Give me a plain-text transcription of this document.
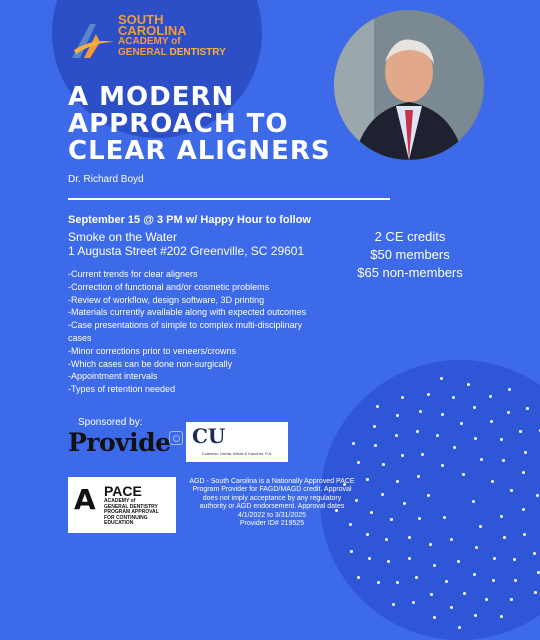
SOUTH
CAROLINA
ACADEMY of
GENERAL DENTISTRY
A MODERN
APPROACH TO
CLEAR ALIGNERS
Dr. Richard Boyd
September 15 @ 3 PM w/ Happy Hour to follow
Smoke on the Water
1 Augusta Street #202 Greenville, SC 29601
2 CE credits
$50 members
$65 non-members
-Current trends for clear aligners
-Correction of functional and/or cosmetic problems
-Review of workflow, design software, 3D printing
-Materials currently available along with expected outcomes
-Case presentations of simple to complex multi-disciplinary
cases
-Minor corrections prior to veneers/crowns
-Which cases can be done non-surgically
-Appointment intervals
-Types of retention needed
Sponsored by:
Provide CU
Coleman, Ureda, Alford & Kaucher, P.A.
A PACE
ACADEMY of
GENERAL DENTISTRY
PROGRAM APPROVAL
FOR CONTINUING
EDUCATION
AGD - South Carolina is a Nationally Approved PACE
Program Provider for FAGD/MAGD credit. Approval
does not imply acceptance by any regulatory
authority or AGD endorsement. Approval dates
4/1/2022 to 3/31/2025
Provider ID# 219525
